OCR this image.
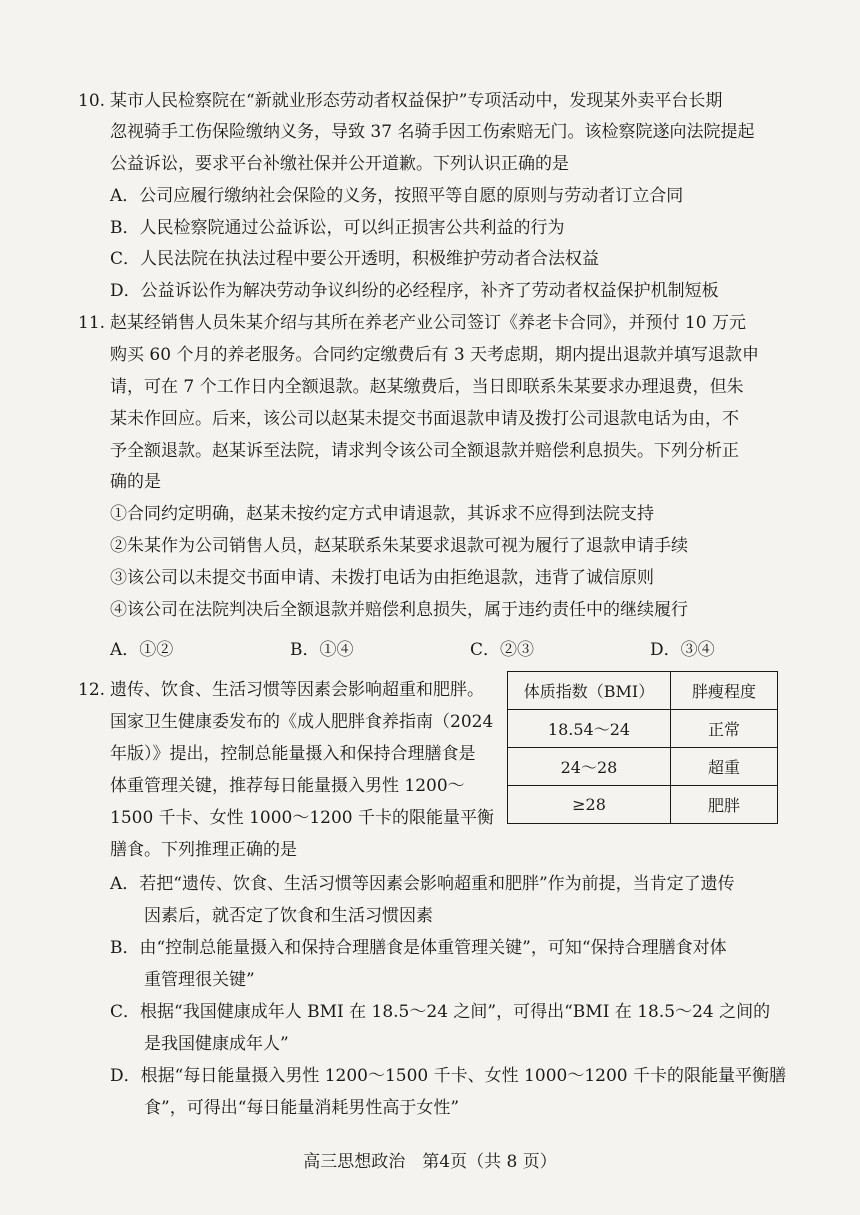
10. 某市人民检察院在“新就业形态劳动者权益保护”专项活动中，发现某外卖平台长期
忽视骑手工伤保险缴纳义务，导致 37 名骑手因工伤索赔无门。该检察院遂向法院提起
公益诉讼，要求平台补缴社保并公开道歉。下列认识正确的是
A．公司应履行缴纳社会保险的义务，按照平等自愿的原则与劳动者订立合同
B．人民检察院通过公益诉讼，可以纠正损害公共利益的行为
C．人民法院在执法过程中要公开透明，积极维护劳动者合法权益
D．公益诉讼作为解决劳动争议纠纷的必经程序，补齐了劳动者权益保护机制短板
11. 赵某经销售人员朱某介绍与其所在养老产业公司签订《养老卡合同》，并预付 10 万元
购买 60 个月的养老服务。合同约定缴费后有 3 天考虑期，期内提出退款并填写退款申
请，可在 7 个工作日内全额退款。赵某缴费后，当日即联系朱某要求办理退费，但朱
某未作回应。后来，该公司以赵某未提交书面退款申请及拨打公司退款电话为由，不
予全额退款。赵某诉至法院，请求判令该公司全额退款并赔偿利息损失。下列分析正
确的是
①合同约定明确，赵某未按约定方式申请退款，其诉求不应得到法院支持
②朱某作为公司销售人员，赵某联系朱某要求退款可视为履行了退款申请手续
③该公司以未提交书面申请、未拨打电话为由拒绝退款，违背了诚信原则
④该公司在法院判决后全额退款并赔偿利息损失，属于违约责任中的继续履行
A．①②	B．①④	C．②③	D．③④
12. 遗传、饮食、生活习惯等因素会影响超重和肥胖。
国家卫生健康委发布的《成人肥胖食养指南（2024
年版）》提出，控制总能量摄入和保持合理膳食是
体重管理关键，推荐每日能量摄入男性 1200～
1500 千卡、女性 1000～1200 千卡的限能量平衡
膳食。下列推理正确的是
体质指数（BMI）	胖瘦程度
18.54～24	正常
24～28	超重
≥28	肥胖
A．若把“遗传、饮食、生活习惯等因素会影响超重和肥胖”作为前提，当肯定了遗传
因素后，就否定了饮食和生活习惯因素
B．由“控制总能量摄入和保持合理膳食是体重管理关键”，可知“保持合理膳食对体
重管理很关键”
C．根据“我国健康成年人 BMI 在 18.5～24 之间”，可得出“BMI 在 18.5～24 之间的
是我国健康成年人”
D．根据“每日能量摄入男性 1200～1500 千卡、女性 1000～1200 千卡的限能量平衡膳
食”，可得出“每日能量消耗男性高于女性”
高三思想政治　第4页（共 8 页）
